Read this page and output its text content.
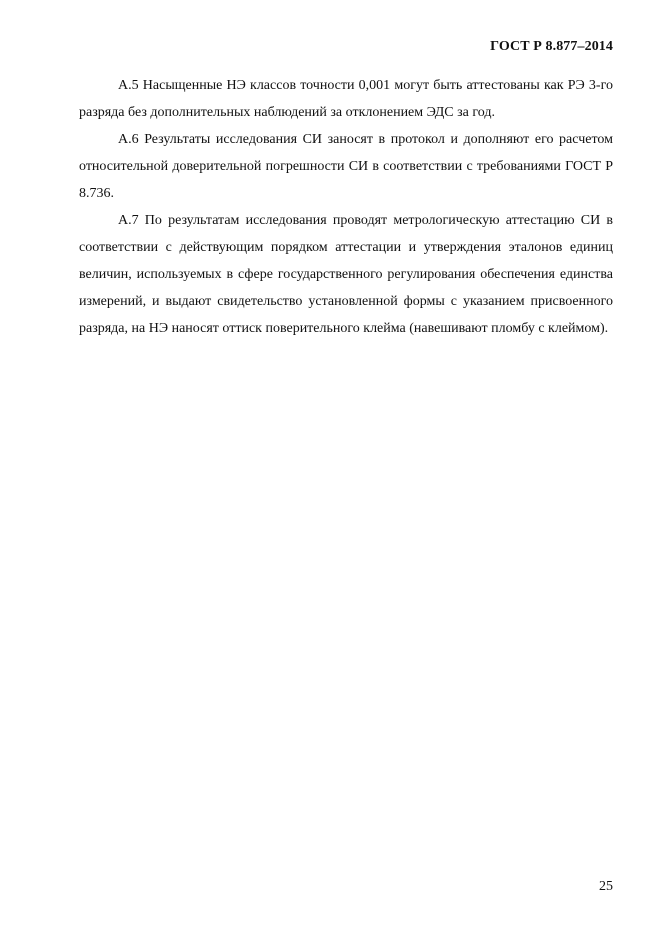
ГОСТ Р 8.877–2014

А.5 Насыщенные НЭ классов точности 0,001 могут быть аттестованы как РЭ 3-го разряда без дополнительных наблюдений за отклонением ЭДС за год.

А.6 Результаты исследования СИ заносят в протокол и дополняют его расчетом относительной доверительной погрешности СИ в соответствии с требованиями ГОСТ Р 8.736.

А.7 По результатам исследования проводят метрологическую аттестацию СИ в соответствии с действующим порядком аттестации и утверждения эталонов единиц величин, используемых в сфере государственного регулирования обеспечения единства измерений, и выдают свидетельство установленной формы с указанием присвоенного разряда, на НЭ наносят оттиск поверительного клейма (навешивают пломбу с клеймом).

25
